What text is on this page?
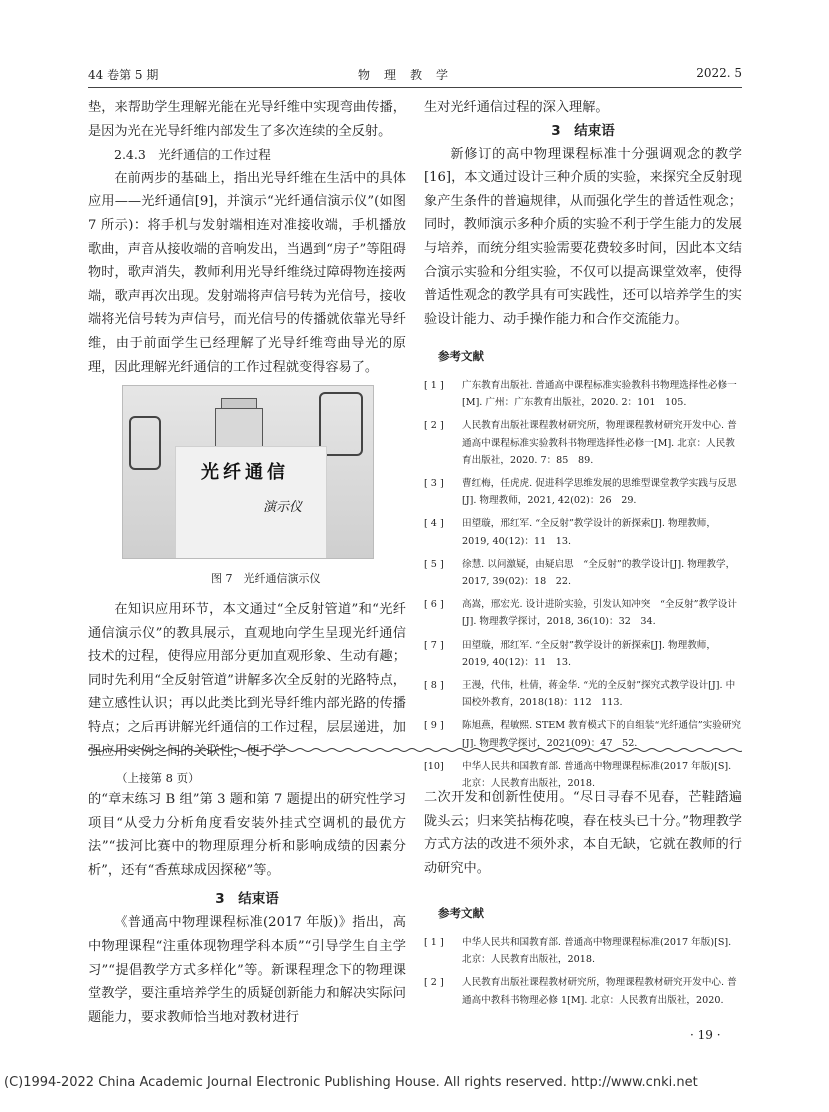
44 卷第 5 期	物　理　教　学	2022. 5

垫，来帮助学生理解光能在光导纤维中实现弯曲传播，是因为光在光导纤维内部发生了多次连续的全反射。

2.4.3　光纤通信的工作过程

在前两步的基础上，指出光导纤维在生活中的具体应用——光纤通信[9]，并演示“光纤通信演示仪”(如图 7 所示)：将手机与发射端相连对准接收端，手机播放歌曲，声音从接收端的音响发出，当遇到“房子”等阻碍物时，歌声消失，教师利用光导纤维绕过障碍物连接两端，歌声再次出现。发射端将声信号转为光信号，接收端将光信号转为声信号，而光信号的传播就依靠光导纤维，由于前面学生已经理解了光导纤维弯曲导光的原理，因此理解光纤通信的工作过程就变得容易了。

光纤通信
演示仪
图 7　光纤通信演示仪

在知识应用环节，本文通过“全反射管道”和“光纤通信演示仪”的教具展示，直观地向学生呈现光纤通信技术的过程，使得应用部分更加直观形象、生动有趣；同时先利用“全反射管道”讲解多次全反射的光路特点，建立感性认识；再以此类比到光导纤维内部光路的传播特点；之后再讲解光纤通信的工作过程，层层递进，加强应用实例之间的关联性，便于学

生对光纤通信过程的深入理解。

3　结束语

新修订的高中物理课程标准十分强调观念的教学[16]，本文通过设计三种介质的实验，来探究全反射现象产生条件的普遍规律，从而强化学生的普适性观念；同时，教师演示多种介质的实验不利于学生能力的发展与培养，而统分组实验需要花费较多时间，因此本文结合演示实验和分组实验，不仅可以提高课堂效率，使得普适性观念的教学具有可实践性，还可以培养学生的实验设计能力、动手操作能力和合作交流能力。

参考文献
[ 1 ] 广东教育出版社. 普通高中课程标准实验教科书物理选择性必修一[M]. 广州：广东教育出版社，2020. 2：101　105.
[ 2 ] 人民教育出版社课程教材研究所，物理课程教材研究开发中心. 普通高中课程标准实验教科书物理选择性必修一[M]. 北京：人民教育出版社，2020. 7：85　89.
[ 3 ] 曹红梅，任虎虎. 促进科学思维发展的思维型课堂教学实践与反思[J]. 物理教师，2021, 42(02)：26　29.
[ 4 ] 田望璇，邢红军. “全反射”教学设计的新探索[J]. 物理教师，2019, 40(12)：11　13.
[ 5 ] 徐慧. 以问激疑，由疑启思　“全反射”的教学设计[J]. 物理教学，2017, 39(02)：18　22.
[ 6 ] 高嵩，邢宏光. 设计进阶实验，引发认知冲突　“全反射”教学设计[J]. 物理教学探讨，2018, 36(10)：32　34.
[ 7 ] 田望璇，邢红军. “全反射”教学设计的新探索[J]. 物理教师，2019, 40(12)：11　13.
[ 8 ] 王漫，代伟，杜倩，蒋金华. “光的全反射”探究式教学设计[J]. 中国校外教育，2018(18)：112　113.
[ 9 ] 陈旭燕，程敏熙. STEM 教育模式下的自组装“光纤通信”实验研究[J]. 物理教学探讨，2021(09)：47　52.
[10] 中华人民共和国教育部. 普通高中物理课程标准(2017 年版)[S]. 北京：人民教育出版社，2018.

（上接第 8 页）

的“章末练习 B 组”第 3 题和第 7 题提出的研究性学习项目“从受力分析角度看安装外挂式空调机的最优方法”“拔河比赛中的物理原理分析和影响成绩的因素分析”，还有“香蕉球成因探秘”等。

3　结束语

《普通高中物理课程标准(2017 年版)》指出，高中物理课程“注重体现物理学科本质”“引导学生自主学习”“提倡教学方式多样化”等。新课程理念下的物理课堂教学，要注重培养学生的质疑创新能力和解决实际问题能力，要求教师恰当地对教材进行

二次开发和创新性使用。“尽日寻春不见春，芒鞋踏遍陇头云；归来笑拈梅花嗅，春在枝头已十分。”物理教学方式方法的改进不须外求，本自无缺，它就在教师的行动研究中。

参考文献
[ 1 ] 中华人民共和国教育部. 普通高中物理课程标准(2017 年版)[S]. 北京：人民教育出版社，2018.
[ 2 ] 人民教育出版社课程教材研究所，物理课程教材研究开发中心. 普通高中教科书物理必修 1[M]. 北京：人民教育出版社，2020.
· 19 ·
(C)1994-2022 China Academic Journal Electronic Publishing House. All rights reserved. http://www.cnki.net
